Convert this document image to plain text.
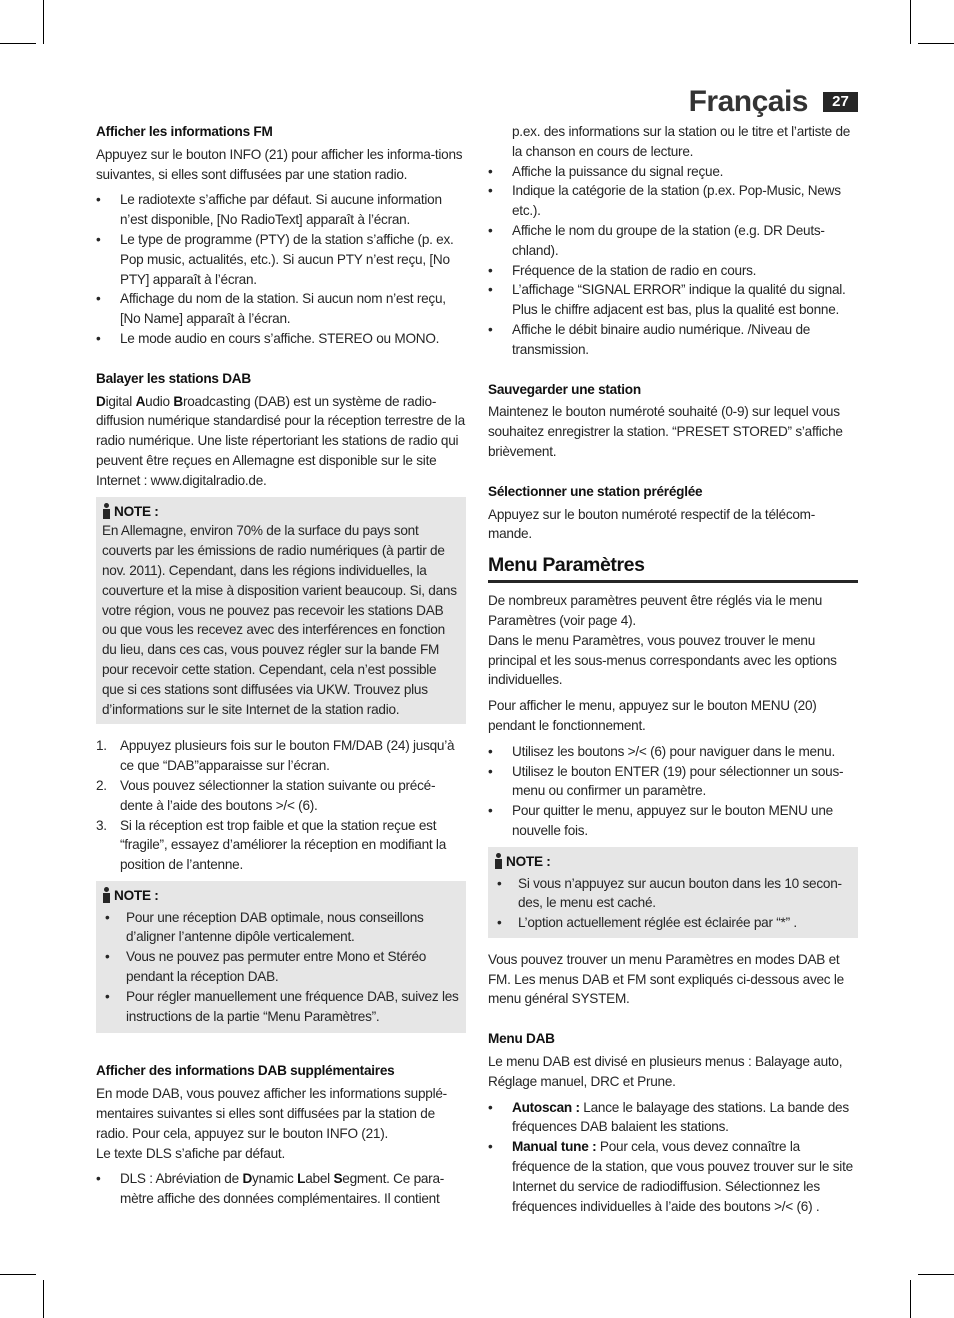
Français	27
Afficher les informations FM

Appuyez sur le bouton INFO (21) pour afficher les informa-tions suivantes, si elles sont diffusées par une station radio.

•	Le radiotexte s’affiche par défaut. Si aucune information n’est disponible, [No RadioText] apparaît à l’écran.
•	Le type de programme (PTY) de la station s’affiche (p. ex. Pop music, actualités, etc.). Si aucun PTY n’est reçu, [No PTY] apparaît à l’écran.
•	Affichage du nom de la station. Si aucun nom n’est reçu, [No Name] apparaît à l’écran.
•	Le mode audio en cours s’affiche. STEREO ou MONO.
Balayer les stations DAB

Digital Audio Broadcasting (DAB) est un système de radio-diffusion numérique standardisé pour la réception terrestre de la radio numérique. Une liste répertoriant les stations de radio qui peuvent être reçues en Allemagne est disponible sur le site Internet : www.digitalradio.de.

NOTE :
En Allemagne, environ 70% de la surface du pays sont couverts par les émissions de radio numériques (à partir de nov. 2011). Cependant, dans les régions individuelles, la couverture et la mise à disposition varient beaucoup. Si, dans votre région, vous ne pouvez pas recevoir les stations DAB ou que vous les recevez avec des interférences en fonction du lieu, dans ces cas, vous pouvez régler sur la bande FM pour recevoir cette station. Cependant, cela n’est possible que si ces stations sont diffusées via UKW. Trouvez plus d’informations sur le site Internet de la station radio.
1. Appuyez plusieurs fois sur le bouton FM/DAB (24) jusqu’à ce que “DAB”apparaisse sur l’écran.
2. Vous pouvez sélectionner la station suivante ou précé-dente à l’aide des boutons >/< (6).
3. Si la réception est trop faible et que la station reçue est “fragile”, essayez d’améliorer la réception en modifiant la position de l’antenne.
NOTE :
•	Pour une réception DAB optimale, nous conseillons d’aligner l’antenne dipôle verticalement.
•	Vous ne pouvez pas permuter entre Mono et Stéréo pendant la réception DAB.
•	Pour régler manuellement une fréquence DAB, suivez les instructions de la partie “Menu Paramètres”.
Afficher des informations DAB supplémentaires

En mode DAB, vous pouvez afficher les informations supplé-mentaires suivantes si elles sont diffusées par la station de radio. Pour cela, appuyez sur le bouton INFO (21).

Le texte DLS s’afiche par défaut.

•	DLS : Abréviation de Dynamic Label Segment. Ce para-mètre affiche des données complémentaires. Il contient

p.ex. des informations sur la station ou le titre et l’artiste de la chanson en cours de lecture.

•	Affiche la puissance du signal reçue.
•	Indique la catégorie de la station (p.ex. Pop-Music, News etc.).
•	Affiche le nom du groupe de la station (e.g. DR Deuts-chland).
•	Fréquence de la station de radio en cours.
•	L’affichage “SIGNAL ERROR” indique la qualité du signal. Plus le chiffre adjacent est bas, plus la qualité est bonne.
•	Affiche le débit binaire audio numérique. /Niveau de transmission.
Sauvegarder une station

Maintenez le bouton numéroté souhaité (0-9) sur lequel vous souhaitez enregistrer la station. “PRESET STORED” s’affiche brièvement.

Sélectionner une station préréglée

Appuyez sur le bouton numéroté respectif de la télécom-mande.

Menu Paramètres

De nombreux paramètres peuvent être réglés via le menu Paramètres (voir page 4).

Dans le menu Paramètres, vous pouvez trouver le menu principal et les sous-menus correspondants avec les options individuelles.

Pour afficher le menu, appuyez sur le bouton MENU (20) pendant le fonctionnement.

•	Utilisez les boutons >/< (6) pour naviguer dans le menu.
•	Utilisez le bouton ENTER (19) pour sélectionner un sous-menu ou confirmer un paramètre.
•	Pour quitter le menu, appuyez sur le bouton MENU une nouvelle fois.
NOTE :
•	Si vous n’appuyez sur aucun bouton dans les 10 secon-des, le menu est caché.
•	L’option actuellement réglée est éclairée par “*” .

Vous pouvez trouver un menu Paramètres en modes DAB et FM. Les menus DAB et FM sont expliqués ci-dessous avec le menu général SYSTEM.

Menu DAB

Le menu DAB est divisé en plusieurs menus : Balayage auto, Réglage manuel, DRC et Prune.

•	Autoscan : Lance le balayage des stations. La bande des fréquences DAB balaient les stations.
•	Manual tune : Pour cela, vous devez connaître la fréquence de la station, que vous pouvez trouver sur le site Internet du service de radiodiffusion. Sélectionnez les fréquences individuelles à l’aide des boutons >/< (6) .
